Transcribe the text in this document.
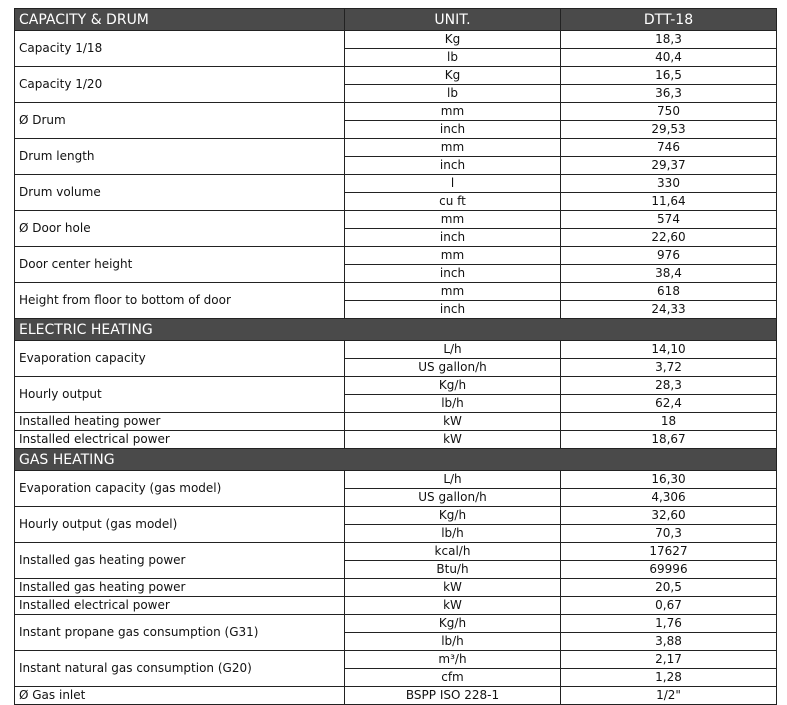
CAPACITY & DRUM	UNIT.	DTT-18
Capacity 1/18	Kg	18,3
	lb	40,4
Capacity 1/20	Kg	16,5
	lb	36,3
Ø Drum	mm	750
	inch	29,53
Drum length	mm	746
	inch	29,37
Drum volume	l	330
	cu ft	11,64
Ø Door hole	mm	574
	inch	22,60
Door center height	mm	976
	inch	38,4
Height from floor to bottom of door	mm	618
	inch	24,33
ELECTRIC HEATING		
Evaporation capacity	L/h	14,10
	US gallon/h	3,72
Hourly output	Kg/h	28,3
	lb/h	62,4
Installed heating power	kW	18
Installed electrical power	kW	18,67
GAS HEATING		
Evaporation capacity (gas model)	L/h	16,30
	US gallon/h	4,306
Hourly output (gas model)	Kg/h	32,60
	lb/h	70,3
Installed gas heating power	kcal/h	17627
	Btu/h	69996
Installed gas heating power	kW	20,5
Installed electrical power	kW	0,67
Instant propane gas consumption (G31)	Kg/h	1,76
	lb/h	3,88
Instant natural gas consumption (G20)	m³/h	2,17
	cfm	1,28
Ø Gas inlet	BSPP ISO 228-1	1/2"
